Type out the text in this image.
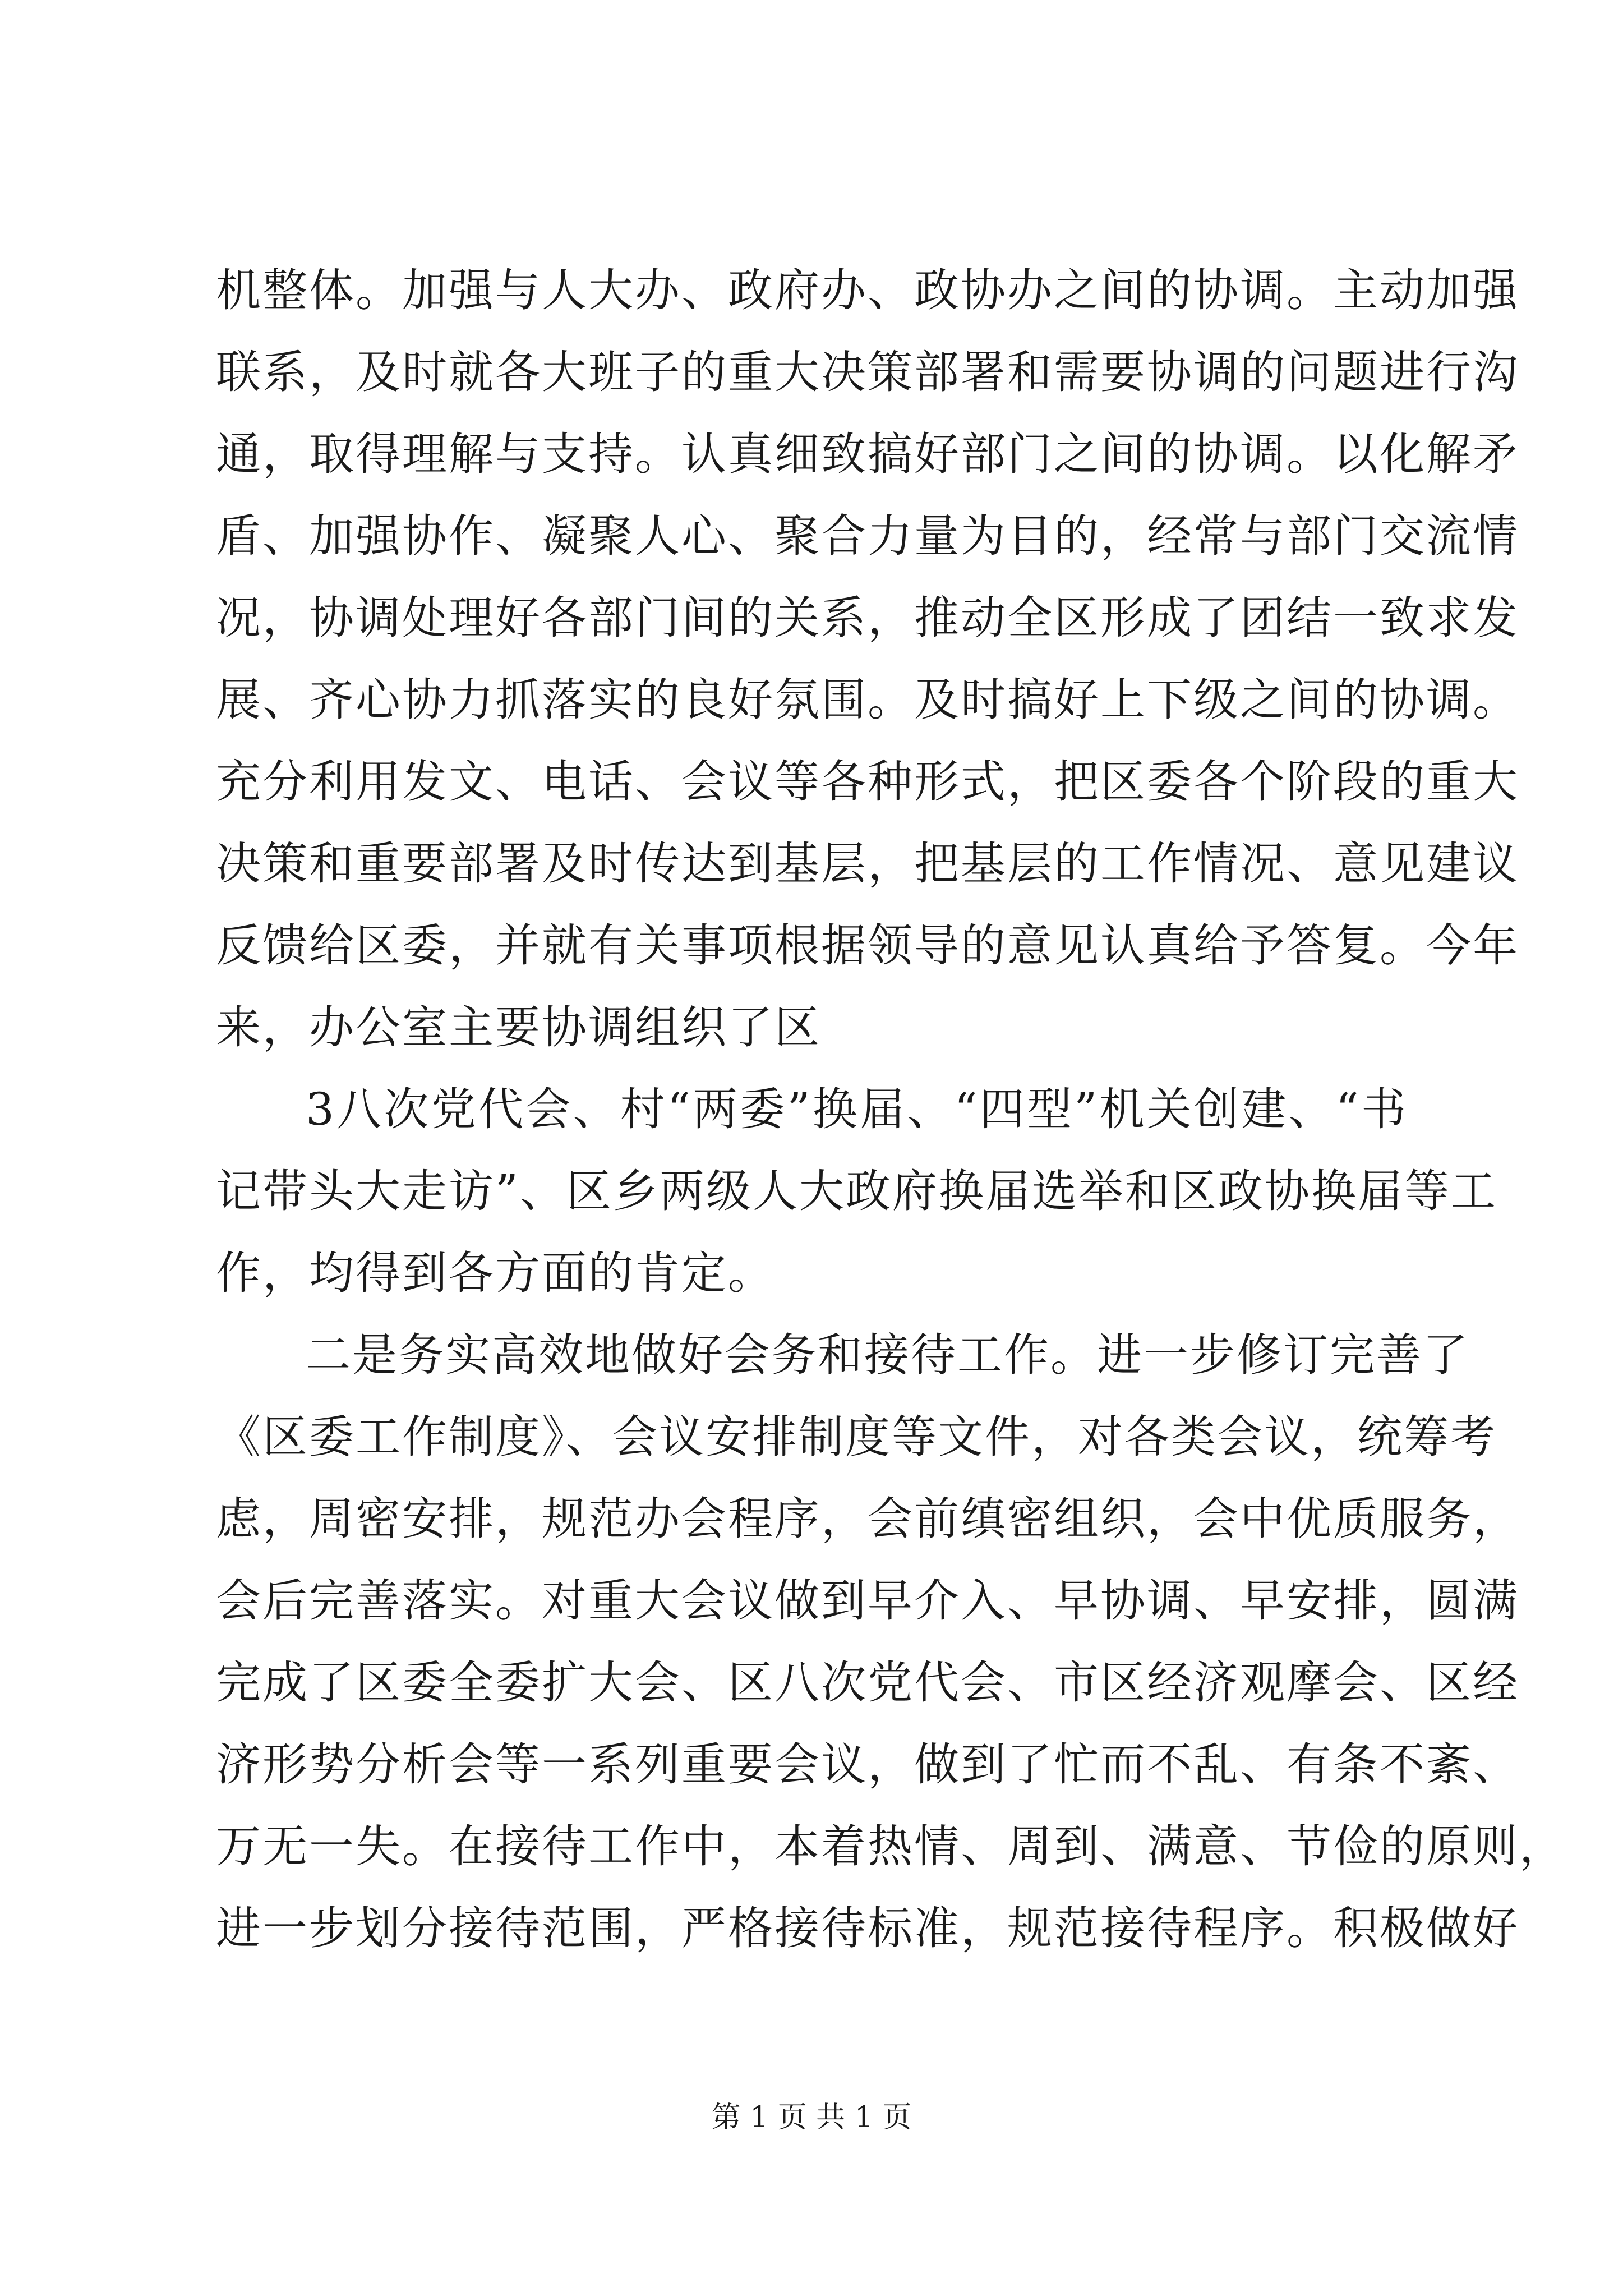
机整体。加强与人大办、政府办、政协办之间的协调。主动加强
联系，及时就各大班子的重大决策部署和需要协调的问题进行沟
通，取得理解与支持。认真细致搞好部门之间的协调。以化解矛
盾、加强协作、凝聚人心、聚合力量为目的，经常与部门交流情
况，协调处理好各部门间的关系，推动全区形成了团结一致求发
展、齐心协力抓落实的良好氛围。及时搞好上下级之间的协调。
充分利用发文、电话、会议等各种形式，把区委各个阶段的重大
决策和重要部署及时传达到基层，把基层的工作情况、意见建议
反馈给区委，并就有关事项根据领导的意见认真给予答复。今年
来，办公室主要协调组织了区
3八次党代会、村“两委”换届、“四型”机关创建、“书
记带头大走访”、区乡两级人大政府换届选举和区政协换届等工
作，均得到各方面的肯定。
二是务实高效地做好会务和接待工作。进一步修订完善了
《区委工作制度》、会议安排制度等文件，对各类会议，统筹考
虑，周密安排，规范办会程序，会前缜密组织，会中优质服务，
会后完善落实。对重大会议做到早介入、早协调、早安排，圆满
完成了区委全委扩大会、区八次党代会、市区经济观摩会、区经
济形势分析会等一系列重要会议，做到了忙而不乱、有条不紊、
万无一失。在接待工作中，本着热情、周到、满意、节俭的原则，
进一步划分接待范围，严格接待标准，规范接待程序。积极做好
第 1 页 共 1 页
